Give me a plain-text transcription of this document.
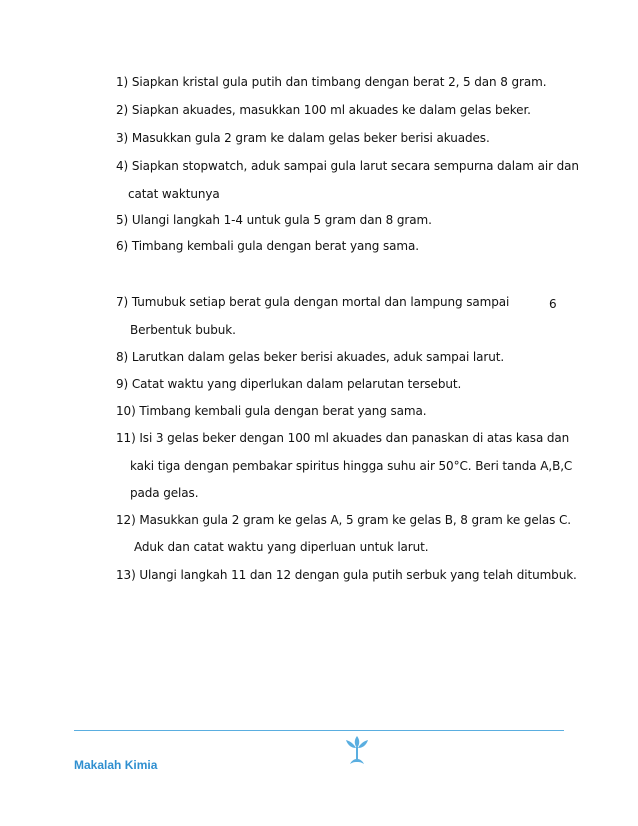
1) Siapkan kristal gula putih dan timbang dengan berat 2, 5 dan 8 gram.
2) Siapkan akuades, masukkan 100 ml akuades ke dalam gelas beker.
3) Masukkan gula 2 gram ke dalam gelas beker berisi akuades.
4) Siapkan stopwatch, aduk sampai gula larut secara sempurna dalam air dan
catat waktunya
5) Ulangi langkah 1-4 untuk gula 5 gram dan 8 gram.
6) Timbang kembali gula dengan berat yang sama.
7) Tumubuk setiap berat gula dengan mortal dan lampung sampai	6
Berbentuk bubuk.
8) Larutkan dalam gelas beker berisi akuades, aduk sampai larut.
9) Catat waktu yang diperlukan dalam pelarutan tersebut.
10) Timbang kembali gula dengan berat yang sama.
11) Isi 3 gelas beker dengan 100 ml akuades dan panaskan di atas kasa dan
kaki tiga dengan pembakar spiritus hingga suhu air 50°C. Beri tanda A,B,C
pada gelas.
12) Masukkan gula 2 gram ke gelas A, 5 gram ke gelas B, 8 gram ke gelas C.
Aduk dan catat waktu yang diperluan untuk larut.
13) Ulangi langkah 11 dan 12 dengan gula putih serbuk yang telah ditumbuk.
Makalah Kimia
